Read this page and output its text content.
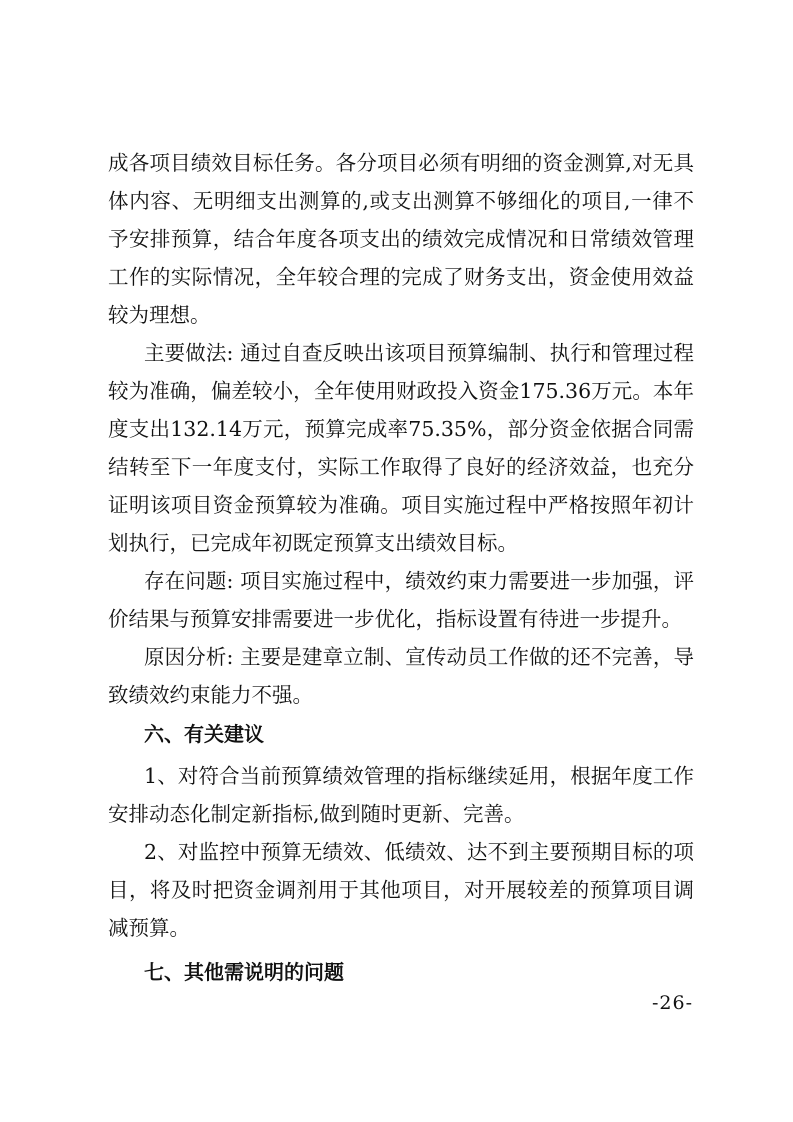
成各项目绩效目标任务。各分项目必须有明细的资金测算,对无具体内容、无明细支出测算的,或支出测算不够细化的项目,一律不予安排预算，结合年度各项支出的绩效完成情况和日常绩效管理工作的实际情况，全年较合理的完成了财务支出，资金使用效益较为理想。

主要做法: 通过自查反映出该项目预算编制、执行和管理过程较为准确，偏差较小，全年使用财政投入资金175.36万元。本年度支出132.14万元，预算完成率75.35%，部分资金依据合同需结转至下一年度支付，实际工作取得了良好的经济效益，也充分证明该项目资金预算较为准确。项目实施过程中严格按照年初计划执行，已完成年初既定预算支出绩效目标。

存在问题: 项目实施过程中，绩效约束力需要进一步加强，评价结果与预算安排需要进一步优化，指标设置有待进一步提升。

原因分析: 主要是建章立制、宣传动员工作做的还不完善，导致绩效约束能力不强。

六、有关建议

1、对符合当前预算绩效管理的指标继续延用，根据年度工作安排动态化制定新指标,做到随时更新、完善。

2、对监控中预算无绩效、低绩效、达不到主要预期目标的项目，将及时把资金调剂用于其他项目，对开展较差的预算项目调减预算。

七、其他需说明的问题

-26-
